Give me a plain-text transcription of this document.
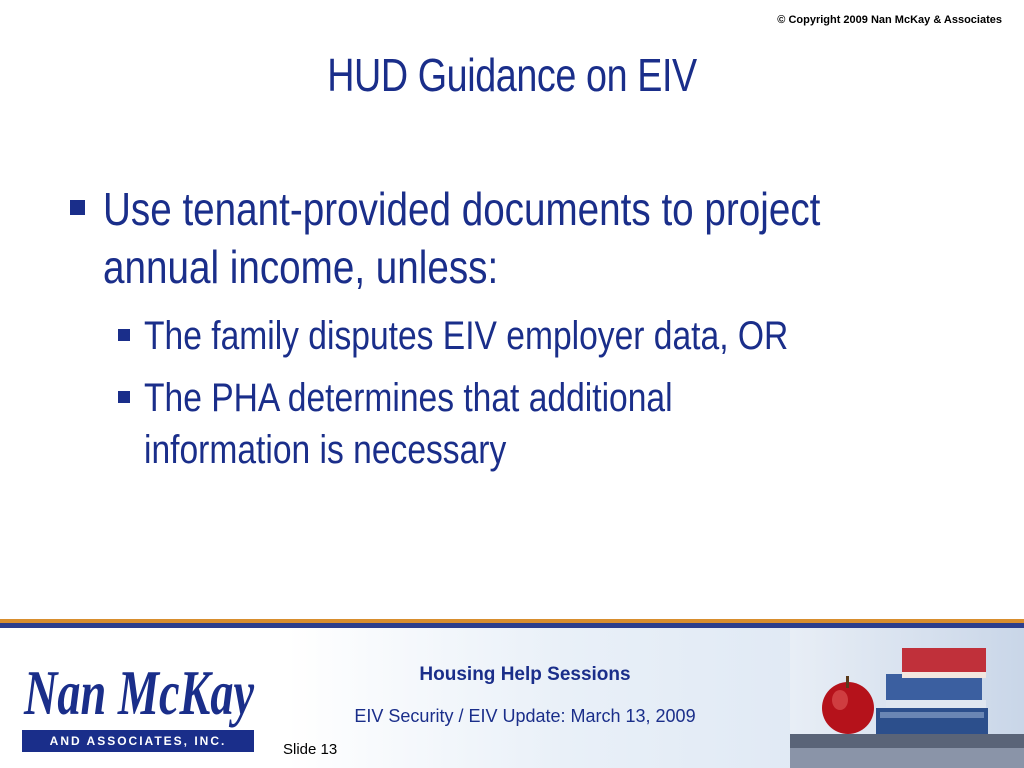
© Copyright 2009 Nan McKay & Associates
HUD Guidance on EIV
Use tenant-provided documents to project annual income, unless:
The family disputes EIV employer data, OR
The PHA determines that additional information is necessary
Nan McKay
AND ASSOCIATES, INC.
Housing Help Sessions
EIV Security / EIV Update: March 13, 2009
Slide 13
